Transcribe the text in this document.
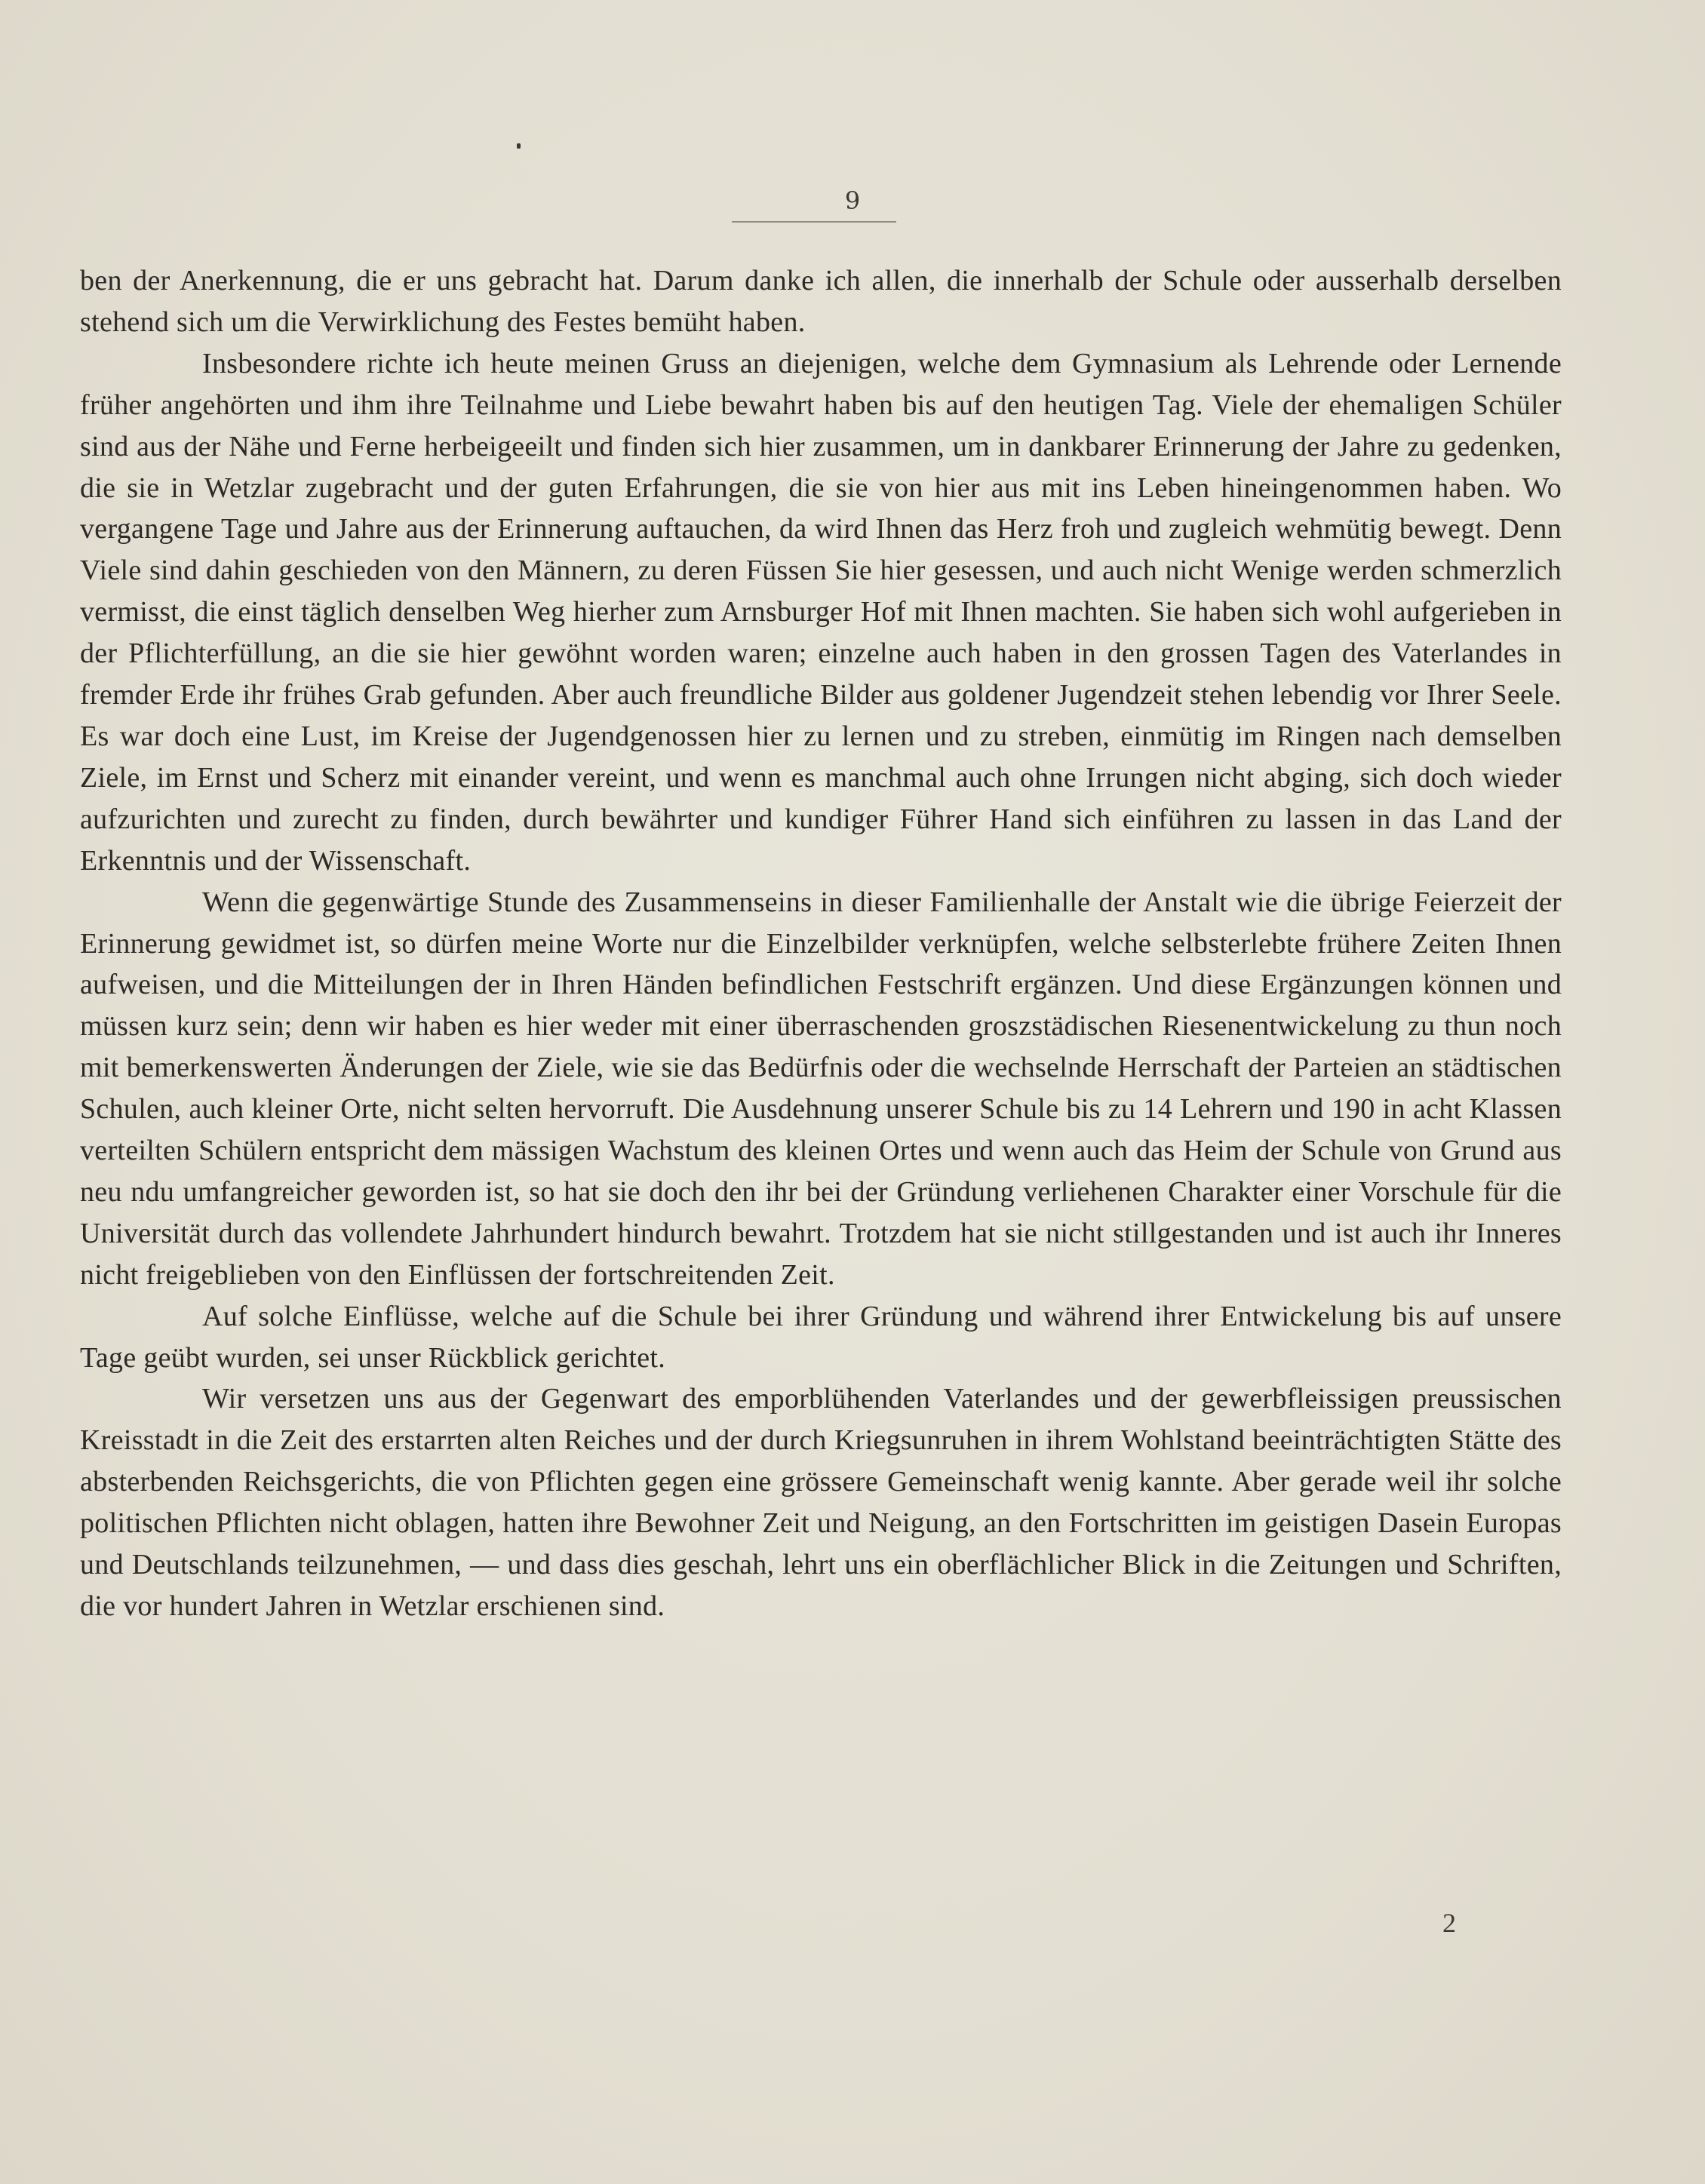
9

ben der Anerkennung, die er uns gebracht hat. Darum danke ich allen, die innerhalb der Schule oder ausserhalb derselben stehend sich um die Verwirklichung des Festes bemüht haben.

Insbesondere richte ich heute meinen Gruss an diejenigen, welche dem Gymnasium als Lehrende oder Lernende früher angehörten und ihm ihre Teilnahme und Liebe bewahrt haben bis auf den heutigen Tag. Viele der ehemaligen Schüler sind aus der Nähe und Ferne herbeigeeilt und finden sich hier zusammen, um in dankbarer Erinnerung der Jahre zu gedenken, die sie in Wetzlar zugebracht und der guten Erfahrungen, die sie von hier aus mit ins Leben hineingenommen haben. Wo vergangene Tage und Jahre aus der Erinnerung auftauchen, da wird Ihnen das Herz froh und zugleich wehmütig bewegt. Denn Viele sind dahin geschieden von den Männern, zu deren Füssen Sie hier gesessen, und auch nicht Wenige werden schmerzlich vermisst, die einst täglich denselben Weg hierher zum Arnsburger Hof mit Ihnen machten. Sie haben sich wohl aufgerieben in der Pflichterfüllung, an die sie hier gewöhnt worden waren; einzelne auch haben in den grossen Tagen des Vaterlandes in fremder Erde ihr frühes Grab gefunden. Aber auch freundliche Bilder aus goldener Jugendzeit stehen lebendig vor Ihrer Seele. Es war doch eine Lust, im Kreise der Jugendgenossen hier zu lernen und zu streben, einmütig im Ringen nach demselben Ziele, im Ernst und Scherz mit einander vereint, und wenn es manchmal auch ohne Irrungen nicht abging, sich doch wieder aufzurichten und zurecht zu finden, durch bewährter und kundiger Führer Hand sich einführen zu lassen in das Land der Erkenntnis und der Wissenschaft.

Wenn die gegenwärtige Stunde des Zusammenseins in dieser Familienhalle der Anstalt wie die übrige Feierzeit der Erinnerung gewidmet ist, so dürfen meine Worte nur die Einzelbilder verknüpfen, welche selbsterlebte frühere Zeiten Ihnen aufweisen, und die Mitteilungen der in Ihren Händen befindlichen Festschrift ergänzen. Und diese Ergänzungen können und müssen kurz sein; denn wir haben es hier weder mit einer überraschenden groszstädischen Riesenentwickelung zu thun noch mit bemerkenswerten Änderungen der Ziele, wie sie das Bedürfnis oder die wechselnde Herrschaft der Parteien an städtischen Schulen, auch kleiner Orte, nicht selten hervorruft. Die Ausdehnung unserer Schule bis zu 14 Lehrern und 190 in acht Klassen verteilten Schülern entspricht dem mässigen Wachstum des kleinen Ortes und wenn auch das Heim der Schule von Grund aus neu ndu umfangreicher geworden ist, so hat sie doch den ihr bei der Gründung verliehenen Charakter einer Vorschule für die Universität durch das vollendete Jahrhundert hindurch bewahrt. Trotzdem hat sie nicht stillgestanden und ist auch ihr Inneres nicht freigeblieben von den Einflüssen der fortschreitenden Zeit.

Auf solche Einflüsse, welche auf die Schule bei ihrer Gründung und während ihrer Entwickelung bis auf unsere Tage geübt wurden, sei unser Rückblick gerichtet.

Wir versetzen uns aus der Gegenwart des emporblühenden Vaterlandes und der gewerbfleissigen preussischen Kreisstadt in die Zeit des erstarrten alten Reiches und der durch Kriegsunruhen in ihrem Wohlstand beeinträchtigten Stätte des absterbenden Reichsgerichts, die von Pflichten gegen eine grössere Gemeinschaft wenig kannte. Aber gerade weil ihr solche politischen Pflichten nicht oblagen, hatten ihre Bewohner Zeit und Neigung, an den Fortschritten im geistigen Dasein Europas und Deutschlands teilzunehmen, — und dass dies geschah, lehrt uns ein oberflächlicher Blick in die Zeitungen und Schriften, die vor hundert Jahren in Wetzlar erschienen sind.

2
